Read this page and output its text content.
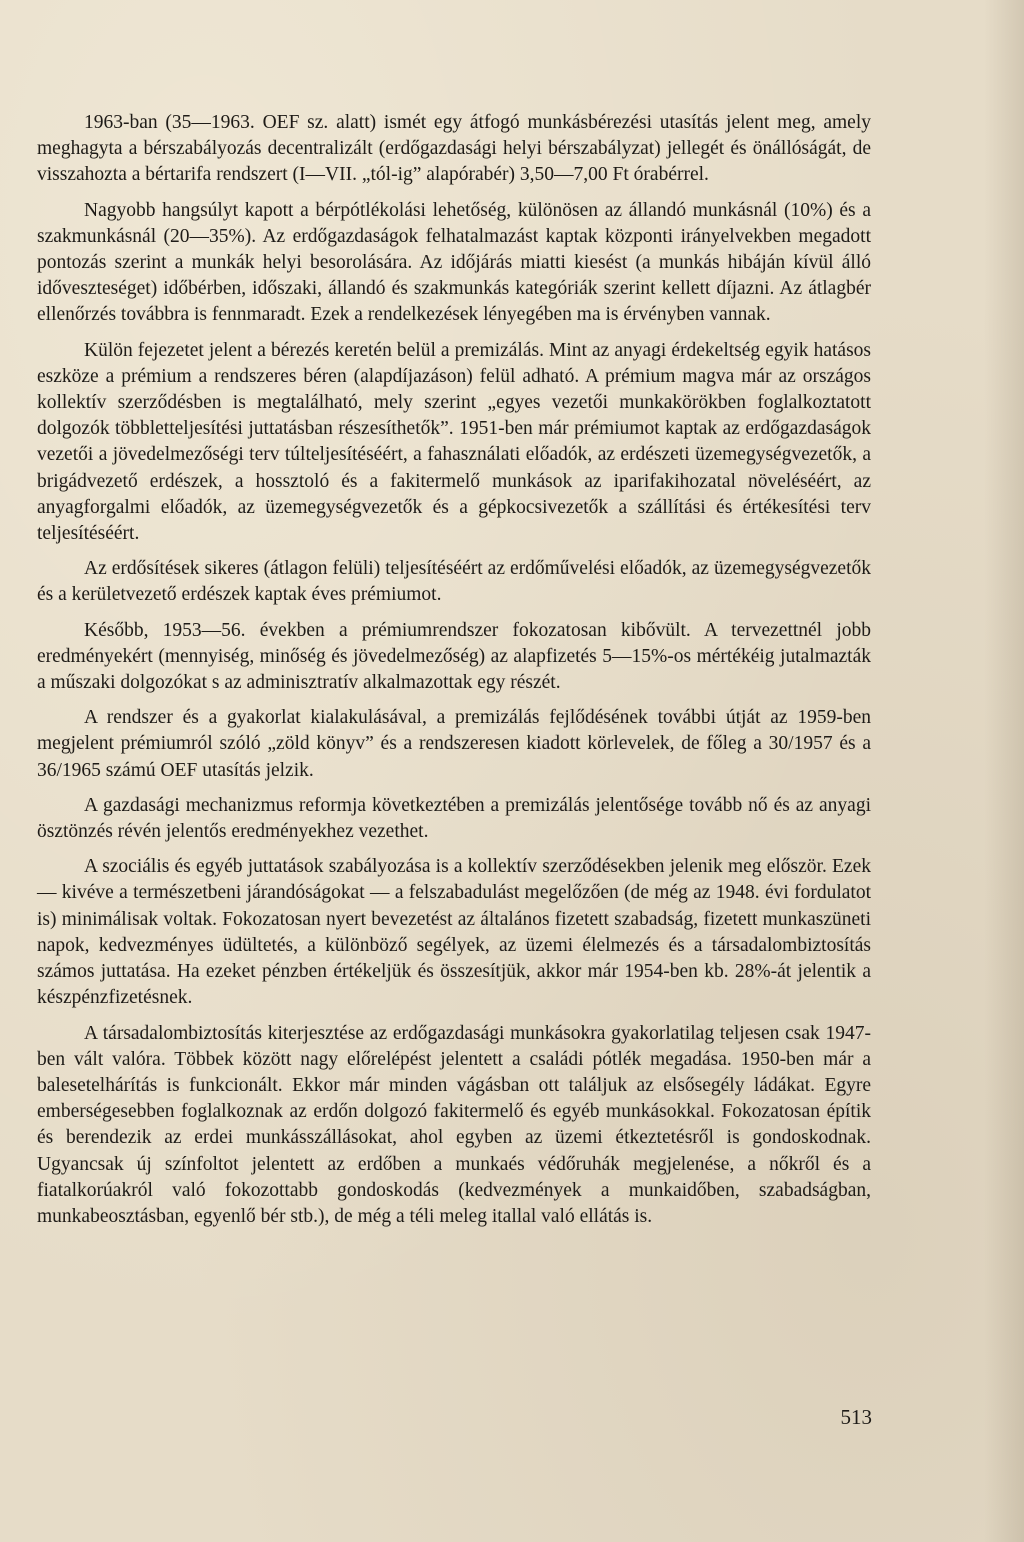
1963-ban (35—1963. OEF sz. alatt) ismét egy átfogó munkásbérezési utasítás jelent meg, amely meghagyta a bérszabályozás decentralizált (erdőgazdasági helyi bérszabályzat) jellegét és önállóságát, de visszahozta a bértarifa rendszert (I—VII. „tól-ig” alapórabér) 3,50—7,00 Ft órabérrel.

Nagyobb hangsúlyt kapott a bérpótlékolási lehetőség, különösen az állandó munkásnál (10%) és a szakmunkásnál (20—35%). Az erdőgazdaságok felhatalmazást kaptak központi irányelvekben megadott pontozás szerint a munkák helyi besorolására. Az időjárás miatti kiesést (a munkás hibáján kívül álló időveszteséget) időbérben, időszaki, állandó és szakmunkás kategóriák szerint kellett díjazni. Az átlagbér ellenőrzés továbbra is fennmaradt. Ezek a rendelkezések lényegében ma is érvényben vannak.

Külön fejezetet jelent a bérezés keretén belül a premizálás. Mint az anyagi érdekeltség egyik hatásos eszköze a prémium a rendszeres béren (alapdíjazáson) felül adható. A prémium magva már az országos kollektív szerződésben is megtalálható, mely szerint „egyes vezetői munkakörökben foglalkoztatott dolgozók többletteljesítési juttatásban részesíthetők”. 1951-ben már prémiumot kaptak az erdőgazdaságok vezetői a jövedelmezőségi terv túlteljesítéséért, a fahasználati előadók, az erdészeti üzemegységvezetők, a brigádvezető erdészek, a hossztoló és a fakitermelő munkások az iparifakihozatal növeléséért, az anyagforgalmi előadók, az üzemegységvezetők és a gépkocsivezetők a szállítási és értékesítési terv teljesítéséért.

Az erdősítések sikeres (átlagon felüli) teljesítéséért az erdőművelési előadók, az üzemegységvezetők és a kerületvezető erdészek kaptak éves prémiumot.

Később, 1953—56. években a prémiumrendszer fokozatosan kibővült. A tervezettnél jobb eredményekért (mennyiség, minőség és jövedelmezőség) az alapfizetés 5—15%-os mértékéig jutalmazták a műszaki dolgozókat s az adminisztratív alkalmazottak egy részét.

A rendszer és a gyakorlat kialakulásával, a premizálás fejlődésének további útját az 1959-ben megjelent prémiumról szóló „zöld könyv” és a rendszeresen kiadott körlevelek, de főleg a 30/1957 és a 36/1965 számú OEF utasítás jelzik.

A gazdasági mechanizmus reformja következtében a premizálás jelentősége tovább nő és az anyagi ösztönzés révén jelentős eredményekhez vezethet.

A szociális és egyéb juttatások szabályozása is a kollektív szerződésekben jelenik meg először. Ezek — kivéve a természetbeni járandóságokat — a felszabadulást megelőzően (de még az 1948. évi fordulatot is) minimálisak voltak. Fokozatosan nyert bevezetést az általános fizetett szabadság, fizetett munkaszüneti napok, kedvezményes üdültetés, a különböző segélyek, az üzemi élelmezés és a társadalombiztosítás számos juttatása. Ha ezeket pénzben értékeljük és összesítjük, akkor már 1954-ben kb. 28%-át jelentik a készpénzfizetésnek.

A társadalombiztosítás kiterjesztése az erdőgazdasági munkásokra gyakorlatilag teljesen csak 1947-ben vált valóra. Többek között nagy előrelépést jelentett a családi pótlék megadása. 1950-ben már a balesetelhárítás is funkcionált. Ekkor már minden vágásban ott találjuk az elsősegély ládákat. Egyre emberségesebben foglalkoznak az erdőn dolgozó fakitermelő és egyéb munkásokkal. Fokozatosan építik és berendezik az erdei munkásszállásokat, ahol egyben az üzemi étkeztetésről is gondoskodnak. Ugyancsak új színfoltot jelentett az erdőben a munkaés védőruhák megjelenése, a nőkről és a fiatalkorúakról való fokozottabb gondoskodás (kedvezmények a munkaidőben, szabadságban, munkabeosztásban, egyenlő bér stb.), de még a téli meleg itallal való ellátás is.

513
